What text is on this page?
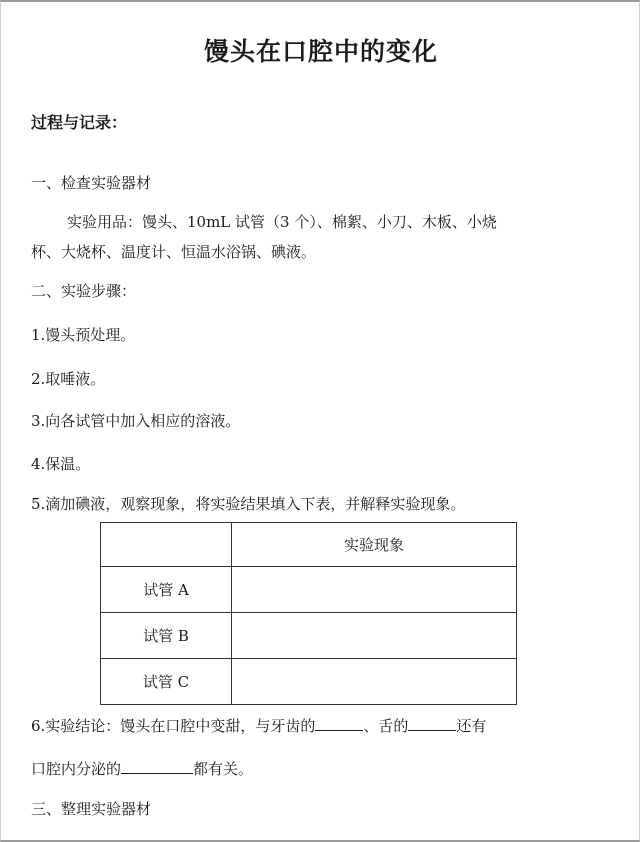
馒头在口腔中的变化
过程与记录：
一、检查实验器材
实验用品：馒头、10mL 试管（3 个）、棉絮、小刀、木板、小烧
杯、大烧杯、温度计、恒温水浴锅、碘液。
二、实验步骤：
1.馒头预处理。
2.取唾液。
3.向各试管中加入相应的溶液。
4.保温。
5.滴加碘液，观察现象，将实验结果填入下表，并解释实验现象。
	实验现象
试管 A	
试管 B	
试管 C	
6.实验结论：馒头在口腔中变甜，与牙齿的	、舌的	还有
口腔内分泌的	都有关。
三、整理实验器材
